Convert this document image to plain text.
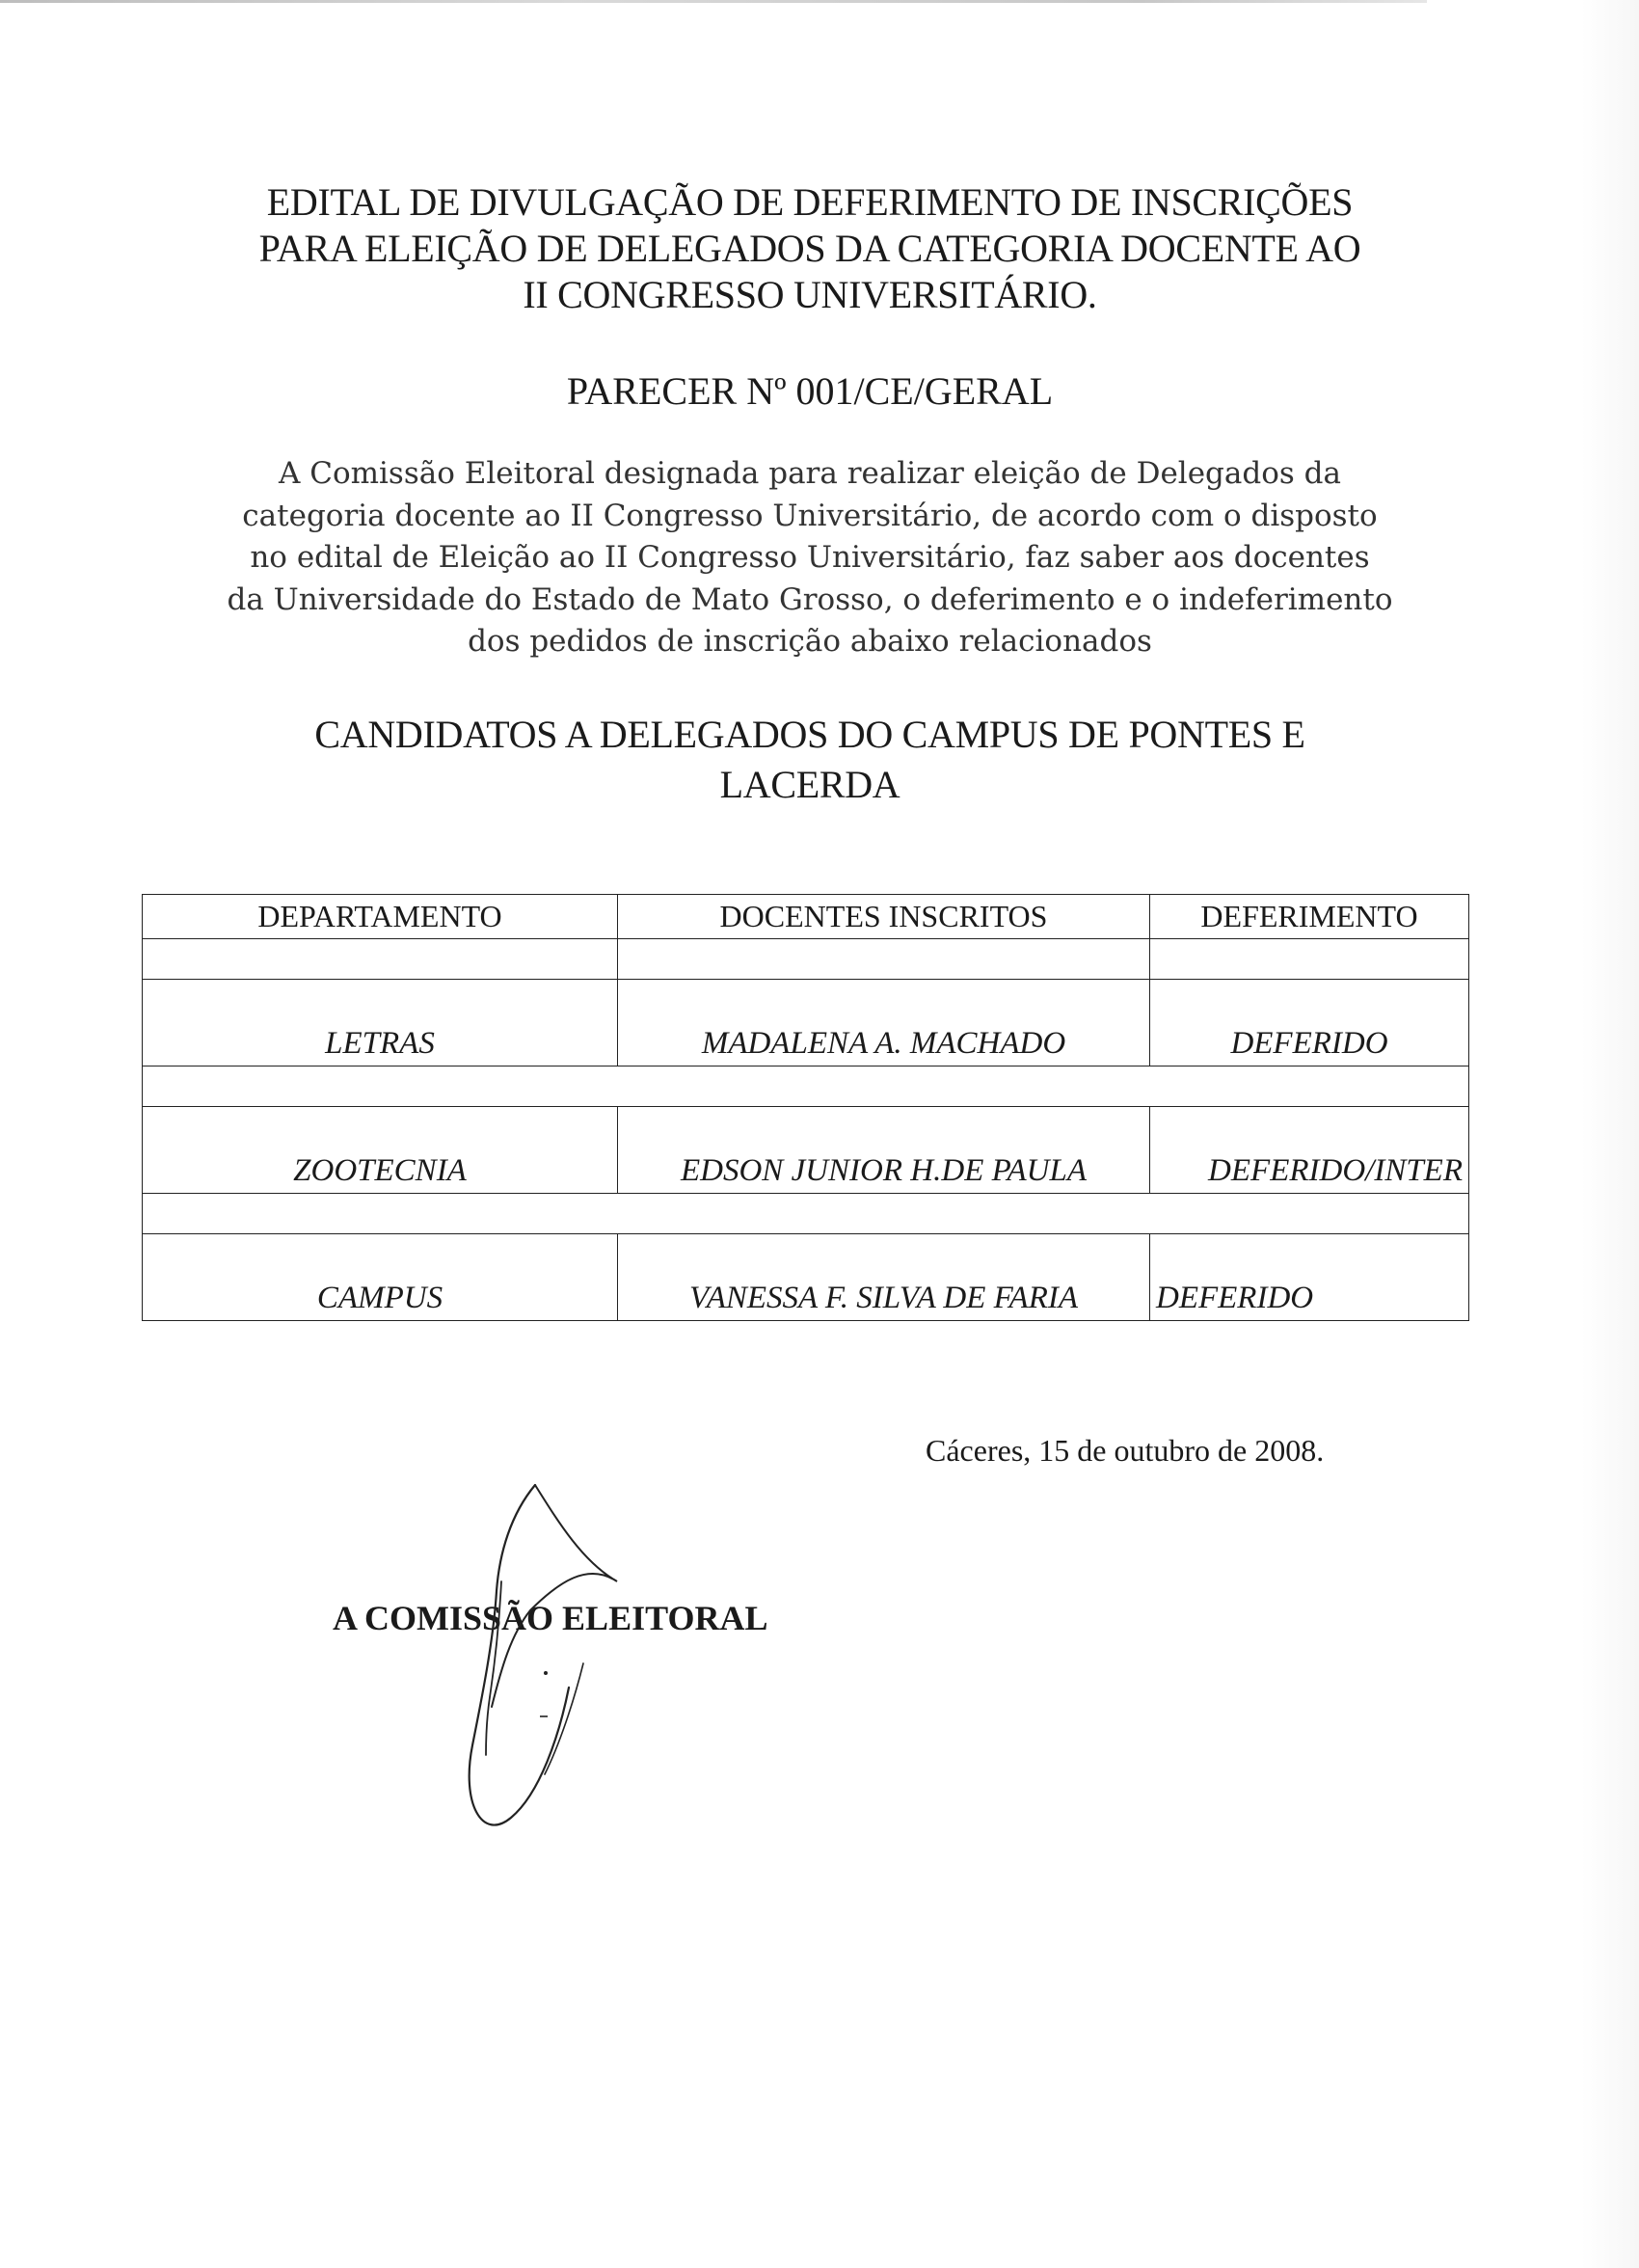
EDITAL DE DIVULGAÇÃO DE DEFERIMENTO DE INSCRIÇÕES
PARA ELEIÇÃO DE DELEGADOS DA CATEGORIA DOCENTE AO
II CONGRESSO UNIVERSITÁRIO.
PARECER Nº 001/CE/GERAL
A Comissão Eleitoral designada para realizar eleição de Delegados da
categoria docente ao II Congresso Universitário, de acordo com o disposto
no edital de Eleição ao II Congresso Universitário, faz saber aos docentes
da Universidade do Estado de Mato Grosso, o deferimento e o indeferimento
dos pedidos de inscrição abaixo relacionados
CANDIDATOS A DELEGADOS DO CAMPUS DE PONTES E
LACERDA
DEPARTAMENTO	DOCENTES INSCRITOS	DEFERIMENTO

LETRAS	MADALENA A. MACHADO	DEFERIDO

ZOOTECNIA	EDSON JUNIOR H.DE PAULA	DEFERIDO/INTER

CAMPUS	VANESSA F. SILVA DE FARIA	DEFERIDO
Cáceres, 15 de outubro de 2008.
A COMISSÃO ELEITORAL
